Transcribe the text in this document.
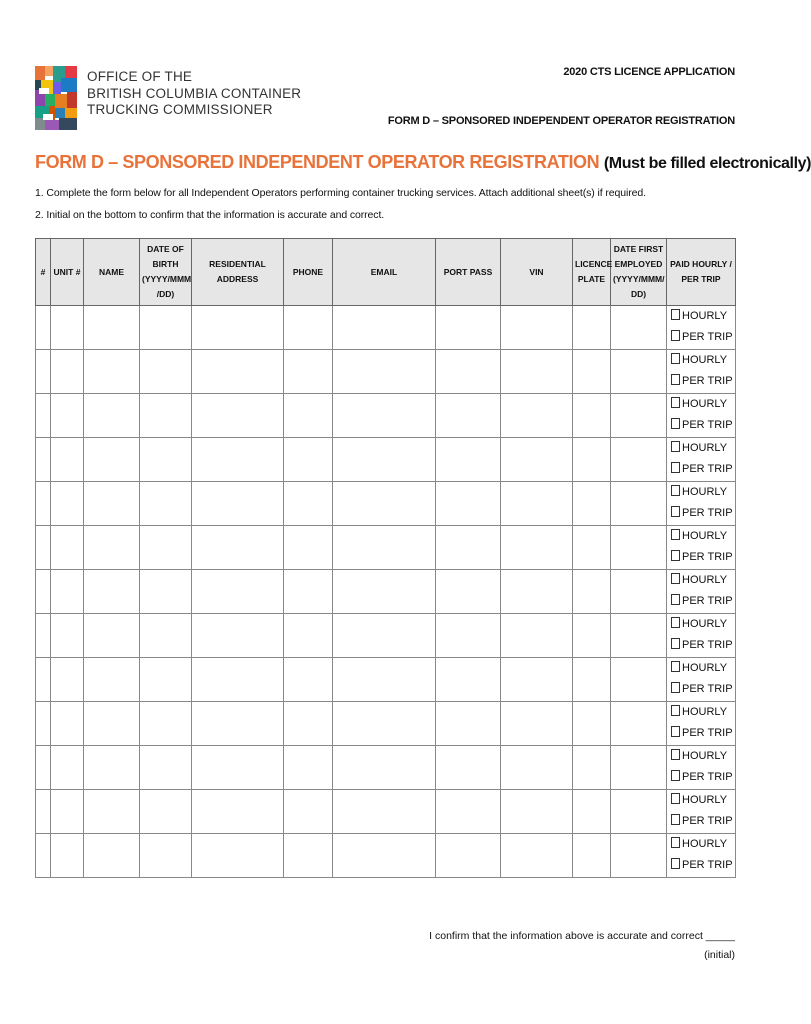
OFFICE OF THE
BRITISH COLUMBIA CONTAINER
TRUCKING COMMISSIONER
2020 CTS LICENCE APPLICATION
FORM D – SPONSORED INDEPENDENT OPERATOR REGISTRATION
FORM D – SPONSORED INDEPENDENT OPERATOR REGISTRATION (Must be filled electronically)
1. Complete the form below for all Independent Operators performing container trucking services. Attach additional sheet(s) if required.
2. Initial on the bottom to confirm that the information is accurate and correct.
#	UNIT #	NAME	DATE OF BIRTH (YYYY/MMM /DD)	RESIDENTIAL ADDRESS	PHONE	EMAIL	PORT PASS	VIN	LICENCE PLATE	DATE FIRST EMPLOYED (YYYY/MMM/ DD)	PAID HOURLY / PER TRIP

											HOURLY
PER TRIP

											HOURLY
PER TRIP

											HOURLY
PER TRIP

											HOURLY
PER TRIP

											HOURLY
PER TRIP

											HOURLY
PER TRIP

											HOURLY
PER TRIP

											HOURLY
PER TRIP

											HOURLY
PER TRIP

											HOURLY
PER TRIP

											HOURLY
PER TRIP

											HOURLY
PER TRIP

											HOURLY
PER TRIP
I confirm that the information above is accurate and correct _____
(initial)
